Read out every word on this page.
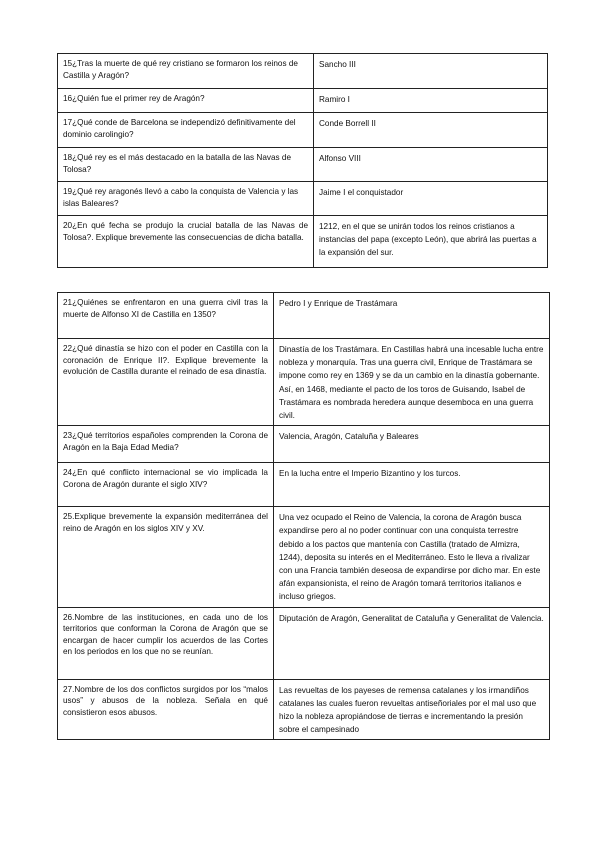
15¿Tras la muerte de qué rey cristiano se formaron los reinos de Castilla y Aragón?	Sancho III
16¿Quién fue el primer rey de Aragón?	Ramiro I
17¿Qué conde de Barcelona se independizó definitivamente del dominio carolingio?	Conde Borrell II
18¿Qué rey es el más destacado en la batalla de las Navas de Tolosa?	Alfonso VIII
19¿Qué rey aragonés llevó a cabo la conquista de Valencia y las islas Baleares?	Jaime I el conquistador
20¿En qué fecha se produjo la crucial batalla de las Navas de Tolosa?. Explique brevemente las consecuencias de dicha batalla.	1212, en el que se unirán todos los reinos cristianos a instancias del papa (excepto León), que abrirá las puertas a la expansión del sur.
21¿Quiénes se enfrentaron en una guerra civil tras la muerte de Alfonso XI de Castilla en 1350?	Pedro I y Enrique de Trastámara
22¿Qué dinastía se hizo con el poder en Castilla con la coronación de Enrique II?. Explique brevemente la evolución de Castilla durante el reinado de esa dinastía.	Dinastía de los Trastámara. En Castillas habrá una incesable lucha entre nobleza y monarquía. Tras una guerra civil, Enrique de Trastámara se impone como rey en 1369 y se da un cambio en la dinastía gobernante. Así, en 1468, mediante el pacto de los toros de Guisando, Isabel de Trastámara es nombrada heredera aunque desemboca en una guerra civil.
23¿Qué territorios españoles comprenden la Corona de Aragón en la Baja Edad Media?	Valencia, Aragón, Cataluña y Baleares
24¿En qué conflicto internacional se vio implicada la Corona de Aragón durante el siglo XIV?	En la lucha entre el Imperio Bizantino y los turcos.
25.Explique brevemente la expansión mediterránea del reino de Aragón en los siglos XIV y XV.	Una vez ocupado el Reino de Valencia, la corona de Aragón busca expandirse pero al no poder continuar con una conquista terrestre debido a los pactos que mantenía con Castilla (tratado de Almizra, 1244), deposita su interés en el Mediterráneo. Esto le lleva a rivalizar con una Francia también deseosa de expandirse por dicho mar. En este afán expansionista, el reino de Aragón tomará territorios italianos e incluso griegos.
26.Nombre de las instituciones, en cada uno de los territorios que conforman la Corona de Aragón que se encargan de hacer cumplir los acuerdos de las Cortes en los periodos en los que no se reunían.	Diputación de Aragón, Generalitat de Cataluña y Generalitat de Valencia.
27.Nombre de los dos conflictos surgidos por los “malos usos” y abusos de la nobleza. Señala en qué consistieron esos abusos.	Las revueltas de los payeses de remensa catalanes y los irmandiños catalanes las cuales fueron revueltas antiseñoriales por el mal uso que hizo la nobleza apropiándose de tierras e incrementando la presión sobre el campesinado
